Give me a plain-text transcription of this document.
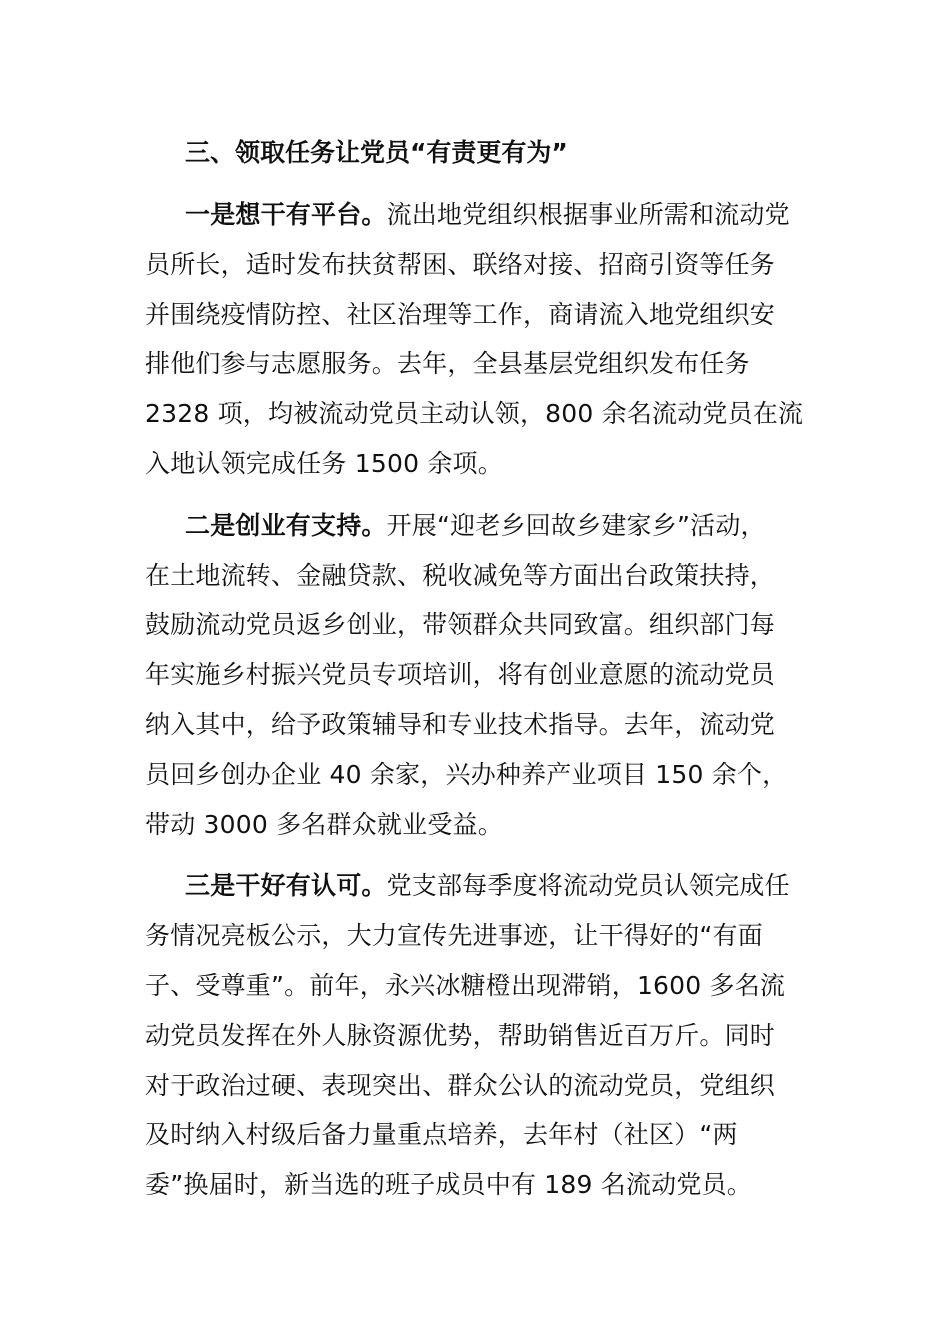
三、领取任务让党员“有责更有为”

一是想干有平台。流出地党组织根据事业所需和流动党
员所长，适时发布扶贫帮困、联络对接、招商引资等任务
并围绕疫情防控、社区治理等工作，商请流入地党组织安
排他们参与志愿服务。去年，全县基层党组织发布任务
2328 项，均被流动党员主动认领，800 余名流动党员在流
入地认领完成任务 1500 余项。

二是创业有支持。开展“迎老乡回故乡建家乡”活动，
在土地流转、金融贷款、税收减免等方面出台政策扶持，
鼓励流动党员返乡创业，带领群众共同致富。组织部门每
年实施乡村振兴党员专项培训，将有创业意愿的流动党员
纳入其中，给予政策辅导和专业技术指导。去年，流动党
员回乡创办企业 40 余家，兴办种养产业项目 150 余个，
带动 3000 多名群众就业受益。

三是干好有认可。党支部每季度将流动党员认领完成任
务情况亮板公示，大力宣传先进事迹，让干得好的“有面
子、受尊重”。前年，永兴冰糖橙出现滞销，1600 多名流
动党员发挥在外人脉资源优势，帮助销售近百万斤。同时
对于政治过硬、表现突出、群众公认的流动党员，党组织
及时纳入村级后备力量重点培养，去年村（社区）“两
委”换届时，新当选的班子成员中有 189 名流动党员。
